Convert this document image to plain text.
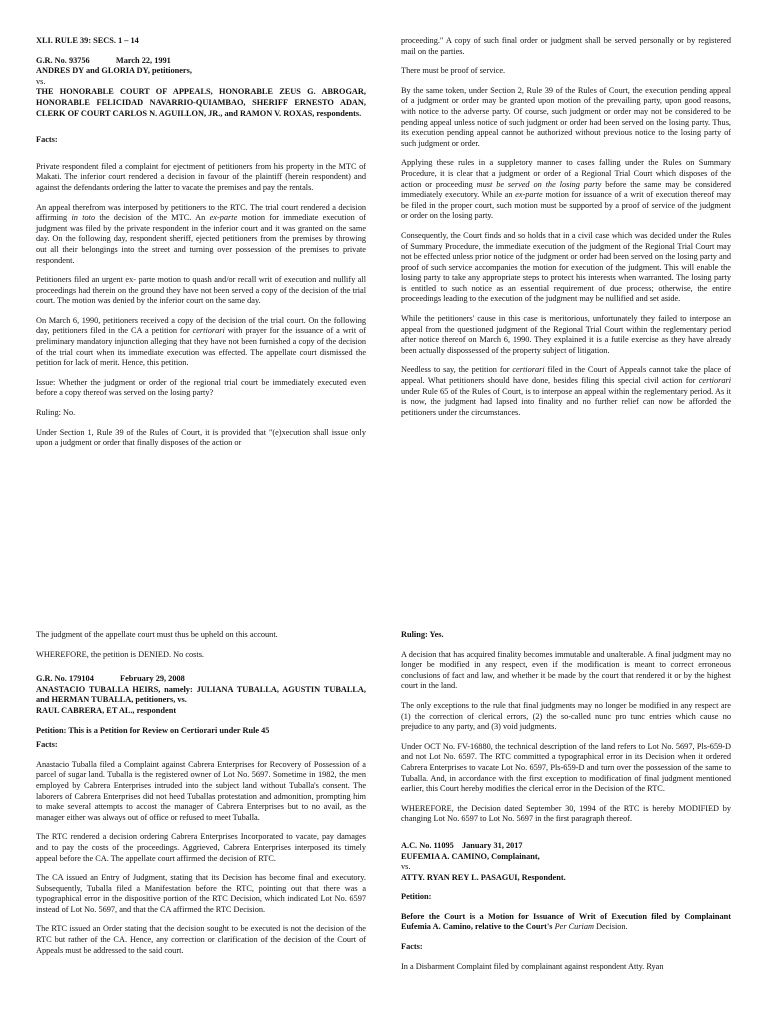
XLI. RULE 39: SECS. 1 – 14

G.R. No. 93756	March 22, 1991
ANDRES DY and GLORIA DY, petitioners,
vs.
THE HONORABLE COURT OF APPEALS, HONORABLE ZEUS G. ABROGAR, HONORABLE FELICIDAD NAVARRIO-QUIAMBAO, SHERIFF ERNESTO ADAN, CLERK OF COURT CARLOS N. AGUILLON, JR., and RAMON V. ROXAS, respondents.

Facts:

Private respondent filed a complaint for ejectment of petitioners from his property in the MTC of Makati. The inferior court rendered a decision in favour of the plaintiff (herein respondent) and against the defendants ordering the latter to vacate the premises and pay the rentals.

An appeal therefrom was interposed by petitioners to the RTC. The trial court rendered a decision affirming in toto the decision of the MTC. An ex-parte motion for immediate execution of judgment was filed by the private respondent in the inferior court and it was granted on the same day. On the following day, respondent sheriff, ejected petitioners from the premises by throwing out all their belongings into the street and turning over possession of the premises to private respondent.

Petitioners filed an urgent ex- parte motion to quash and/or recall writ of execution and nullify all proceedings had therein on the ground they have not been served a copy of the decision of the trial court. The motion was denied by the inferior court on the same day.

On March 6, 1990, petitioners received a copy of the decision of the trial court. On the following day, petitioners filed in the CA a petition for certiorari with prayer for the issuance of a writ of preliminary mandatory injunction alleging that they have not been furnished a copy of the decision of the trial court when its immediate execution was effected. The appellate court dismissed the petition for lack of merit. Hence, this petition.

Issue: Whether the judgment or order of the regional trial court be immediately executed even before a copy thereof was served on the losing party?

Ruling: No.

Under Section 1, Rule 39 of the Rules of Court, it is provided that "(e)xecution shall issue only upon a judgment or order that finally disposes of the action or

proceeding." A copy of such final order or judgment shall be served personally or by registered mail on the parties.

There must be proof of service.

By the same token, under Section 2, Rule 39 of the Rules of Court, the execution pending appeal of a judgment or order may be granted upon motion of the prevailing party, upon good reasons, with notice to the adverse party. Of course, such judgment or order may not be considered to be pending appeal unless notice of such judgment or order had been served on the losing party. Thus, its execution pending appeal cannot be authorized without previous notice to the losing party of such judgment or order.

Applying these rules in a suppletory manner to cases falling under the Rules on Summary Procedure, it is clear that a judgment or order of a Regional Trial Court which disposes of the action or proceeding must be served on the losing party before the same may be considered immediately executory. While an ex-parte motion for issuance of a writ of execution thereof may be filed in the proper court, such motion must be supported by a proof of service of the judgment or order on the losing party.

Consequently, the Court finds and so holds that in a civil case which was decided under the Rules of Summary Procedure, the immediate execution of the judgment of the Regional Trial Court may not be effected unless prior notice of the judgment or order had been served on the losing party and proof of such service accompanies the motion for execution of the judgment. This will enable the losing party to take any appropriate steps to protect his interests when warranted. The losing party is entitled to such notice as an essential requirement of due process; otherwise, the entire proceedings leading to the execution of the judgment may be nullified and set aside.

While the petitioners' cause in this case is meritorious, unfortunately they failed to interpose an appeal from the questioned judgment of the Regional Trial Court within the reglementary period after notice thereof on March 6, 1990. They explained it is a futile exercise as they have already been actually dispossessed of the property subject of litigation.

Needless to say, the petition for certiorari filed in the Court of Appeals cannot take the place of appeal. What petitioners should have done, besides filing this special civil action for certiorari under Rule 65 of the Rules of Court, is to interpose an appeal within the reglementary period. As it is now, the judgment had lapsed into finality and no further relief can now be afforded the petitioners under the circumstances.

The judgment of the appellate court must thus be upheld on this account.

WHEREFORE, the petition is DENIED. No costs.

G.R. No. 179104	February 29, 2008
ANASTACIO TUBALLA HEIRS, namely: JULIANA TUBALLA, AGUSTIN TUBALLA, and HERMAN TUBALLA, petitioners, vs.
RAUL CABRERA, ET AL., respondent

Petition: This is a Petition for Review on Certiorari under Rule 45

Facts:

Anastacio Tuballa filed a Complaint against Cabrera Enterprises for Recovery of Possession of a parcel of sugar land. Tuballa is the registered owner of Lot No. 5697. Sometime in 1982, the men employed by Cabrera Enterprises intruded into the subject land without Tuballa's consent. The laborers of Cabrera Enterprises did not heed Tuballas protestation and admonition, prompting him to make several attempts to accost the manager of Cabrera Enterprises but to no avail, as the manager either was always out of office or refused to meet Tuballa.

The RTC rendered a decision ordering Cabrera Enterprises Incorporated to vacate, pay damages and to pay the costs of the proceedings. Aggrieved, Cabrera Enterprises interposed its timely appeal before the CA. The appellate court affirmed the decision of RTC.

The CA issued an Entry of Judgment, stating that its Decision has become final and executory. Subsequently, Tuballa filed a Manifestation before the RTC, pointing out that there was a typographical error in the dispositive portion of the RTC Decision, which indicated Lot No. 6597 instead of Lot No. 5697, and that the CA affirmed the RTC Decision.

The RTC issued an Order stating that the decision sought to be executed is not the decision of the RTC but rather of the CA. Hence, any correction or clarification of the decision of the Court of Appeals must be addressed to the said court.

Ruling: Yes.

A decision that has acquired finality becomes immutable and unalterable. A final judgment may no longer be modified in any respect, even if the modification is meant to correct erroneous conclusions of fact and law, and whether it be made by the court that rendered it or by the highest court in the land.

The only exceptions to the rule that final judgments may no longer be modified in any respect are (1) the correction of clerical errors, (2) the so-called nunc pro tunc entries which cause no prejudice to any party, and (3) void judgments.

Under OCT No. FV-16880, the technical description of the land refers to Lot No. 5697, Pls-659-D and not Lot No. 6597. The RTC committed a typographical error in its Decision when it ordered Cabrera Enterprises to vacate Lot No. 6597, Pls-659-D and turn over the possession of the same to Tuballa. And, in accordance with the first exception to modification of final judgment mentioned earlier, this Court hereby modifies the clerical error in the Decision of the RTC.

WHEREFORE, the Decision dated September 30, 1994 of the RTC is hereby MODIFIED by changing Lot No. 6597 to Lot No. 5697 in the first paragraph thereof.

A.C. No. 11095 January 31, 2017
EUFEMIA A. CAMINO, Complainant,
vs.
ATTY. RYAN REY L. PASAGUI, Respondent.

Petition:

Before the Court is a Motion for Issuance of Writ of Execution filed by Complainant Eufemia A. Camino, relative to the Court's Per Curiam Decision.

Facts:

In a Disbarment Complaint filed by complainant against respondent Atty. Ryan
